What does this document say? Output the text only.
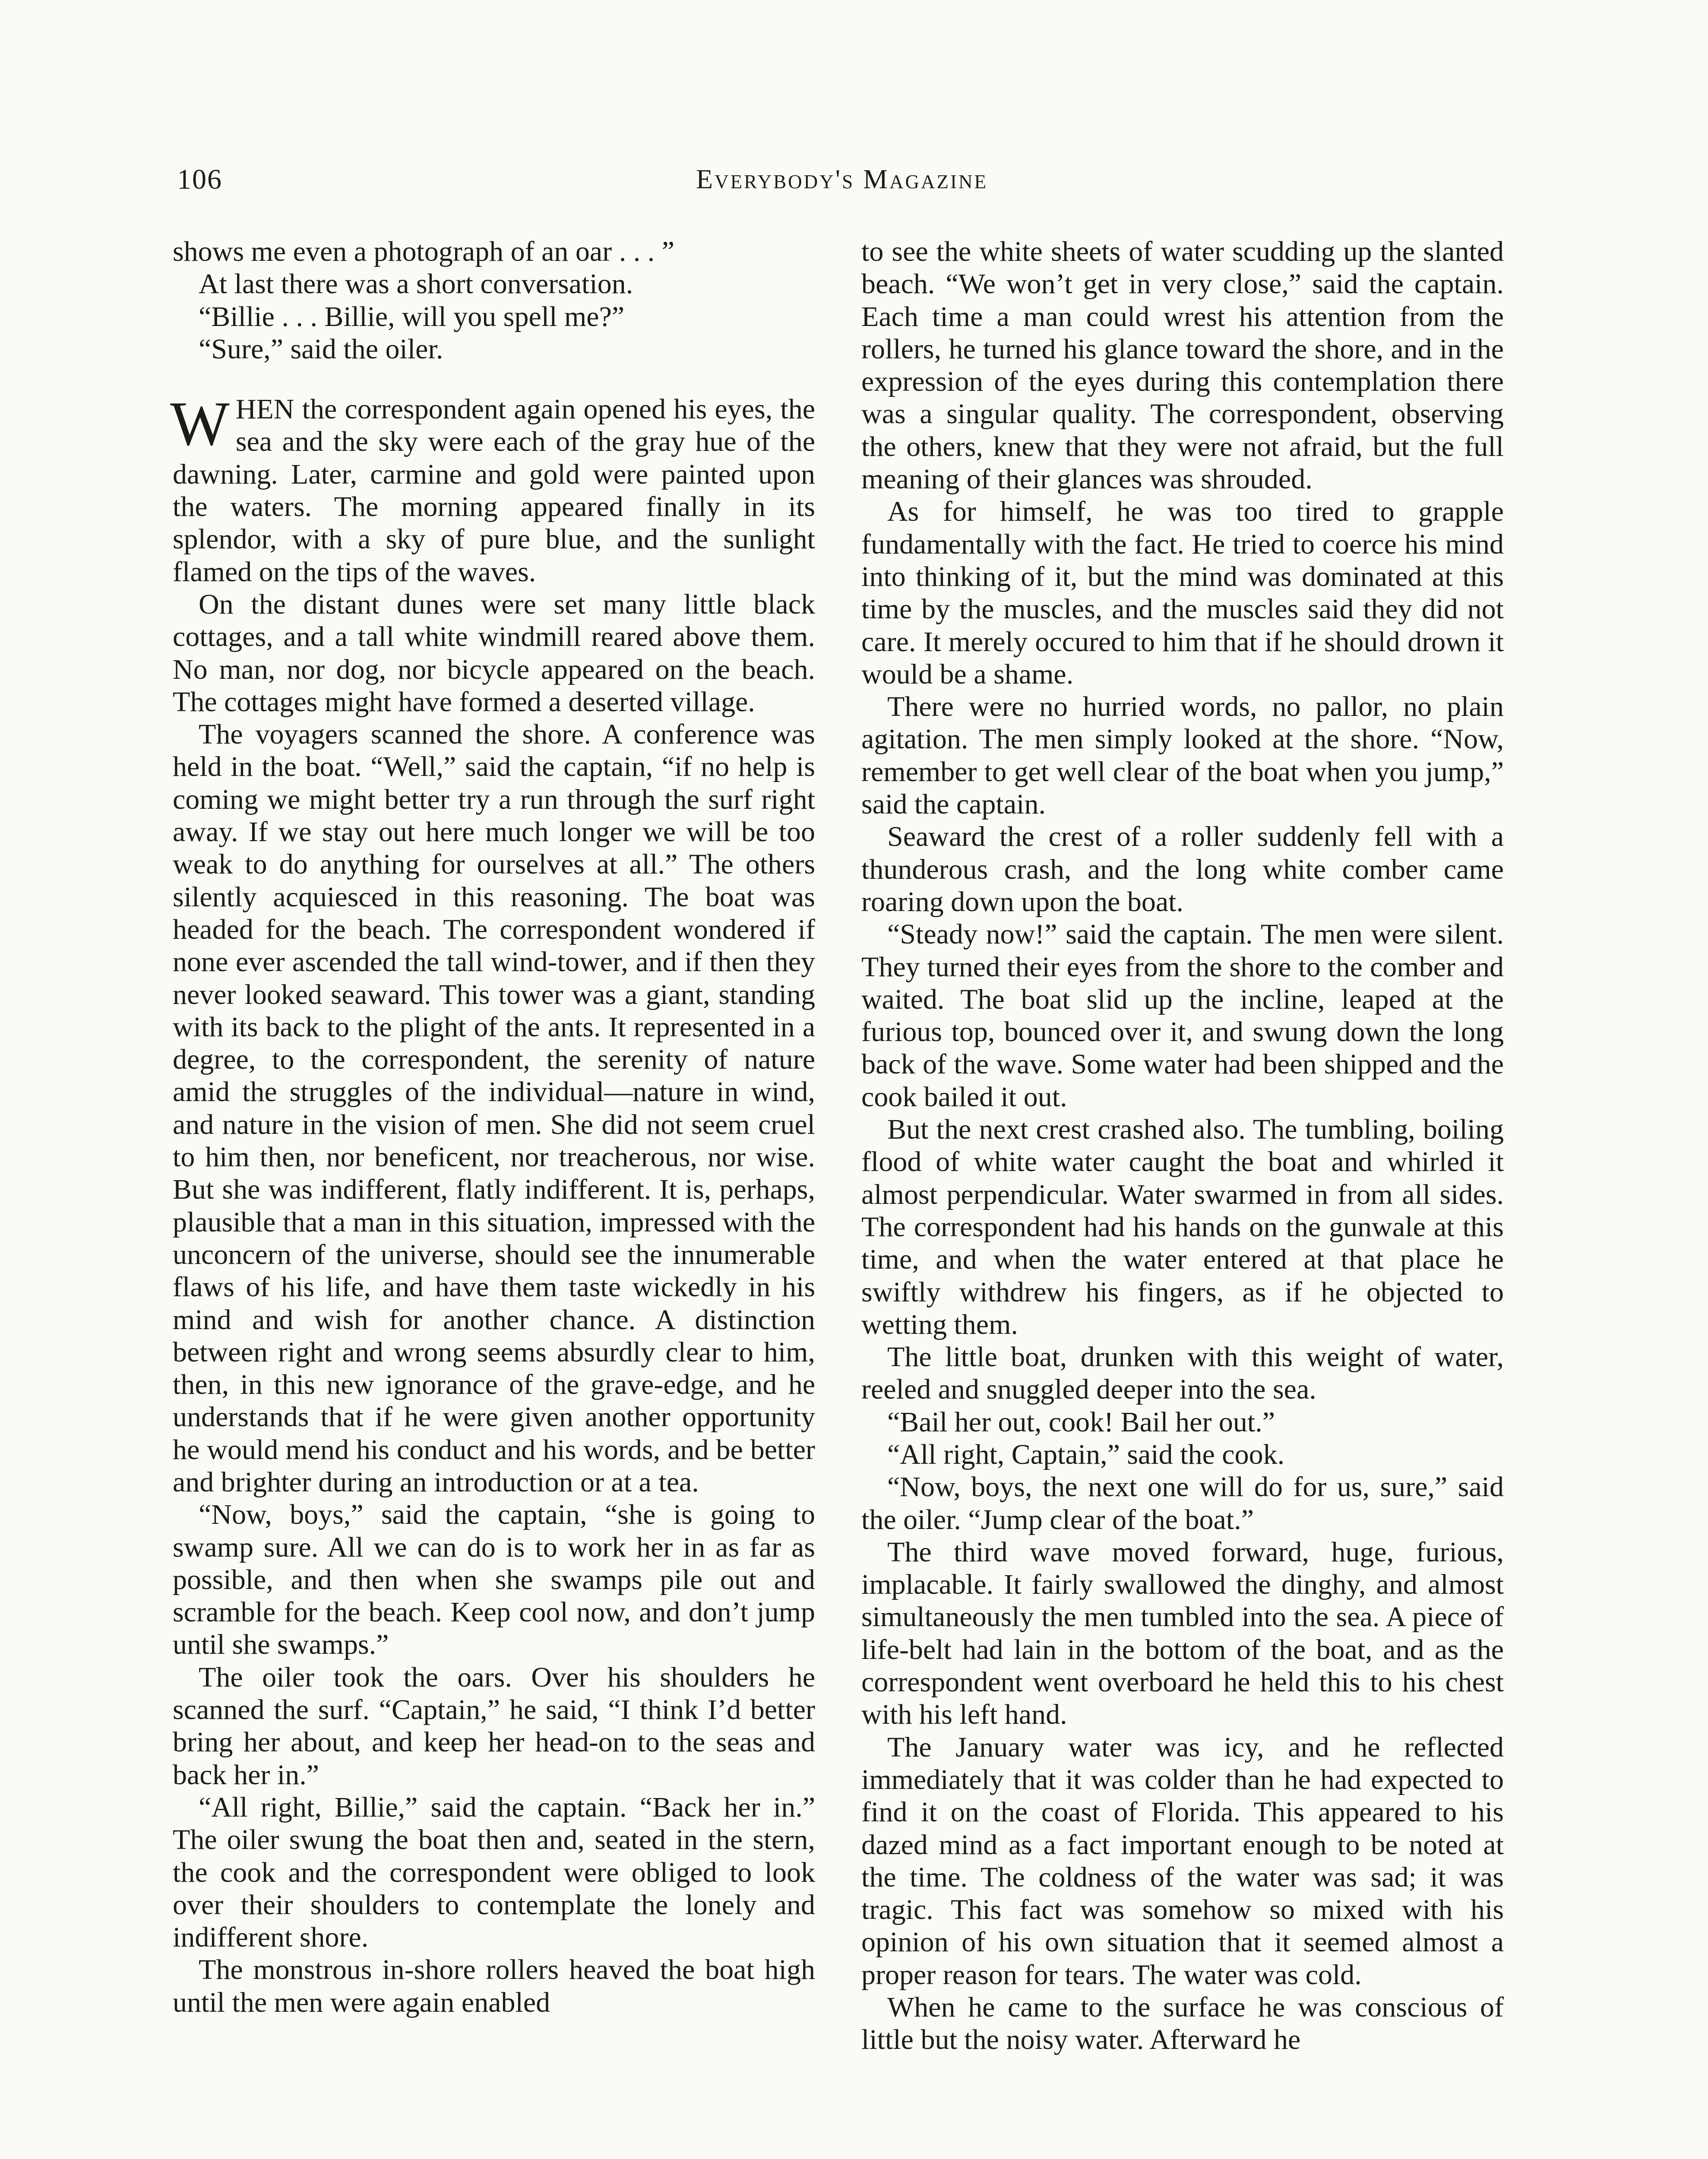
106	Everybody's Magazine

shows me even a photograph of an oar . . . ”

At last there was a short conversation.

“Billie . . . Billie, will you spell me?”

“Sure,” said the oiler.

WHEN the correspondent again opened his eyes, the sea and the sky were each of the gray hue of the dawning. Later, carmine and gold were painted upon the waters. The morning appeared finally in its splendor, with a sky of pure blue, and the sunlight flamed on the tips of the waves.

On the distant dunes were set many little black cottages, and a tall white windmill reared above them. No man, nor dog, nor bicycle appeared on the beach. The cottages might have formed a deserted village.

The voyagers scanned the shore. A conference was held in the boat. “Well,” said the captain, “if no help is coming we might better try a run through the surf right away. If we stay out here much longer we will be too weak to do anything for ourselves at all.” The others silently acquiesced in this reasoning. The boat was headed for the beach. The correspondent wondered if none ever ascended the tall wind-tower, and if then they never looked seaward. This tower was a giant, standing with its back to the plight of the ants. It represented in a degree, to the correspondent, the serenity of nature amid the struggles of the individual—nature in wind, and nature in the vision of men. She did not seem cruel to him then, nor beneficent, nor treacherous, nor wise. But she was indifferent, flatly indifferent. It is, perhaps, plausible that a man in this situation, impressed with the unconcern of the universe, should see the innumerable flaws of his life, and have them taste wickedly in his mind and wish for another chance. A distinction between right and wrong seems absurdly clear to him, then, in this new ignorance of the grave-edge, and he understands that if he were given another opportunity he would mend his conduct and his words, and be better and brighter during an introduction or at a tea.

“Now, boys,” said the captain, “she is going to swamp sure. All we can do is to work her in as far as possible, and then when she swamps pile out and scramble for the beach. Keep cool now, and don’t jump until she swamps.”

The oiler took the oars. Over his shoulders he scanned the surf. “Captain,” he said, “I think I’d better bring her about, and keep her head-on to the seas and back her in.”

“All right, Billie,” said the captain. “Back her in.” The oiler swung the boat then and, seated in the stern, the cook and the correspondent were obliged to look over their shoulders to contemplate the lonely and indifferent shore.

The monstrous in-shore rollers heaved the boat high until the men were again enabled

to see the white sheets of water scudding up the slanted beach. “We won’t get in very close,” said the captain. Each time a man could wrest his attention from the rollers, he turned his glance toward the shore, and in the expression of the eyes during this contemplation there was a singular quality. The correspondent, observing the others, knew that they were not afraid, but the full meaning of their glances was shrouded.

As for himself, he was too tired to grapple fundamentally with the fact. He tried to coerce his mind into thinking of it, but the mind was dominated at this time by the muscles, and the muscles said they did not care. It merely occured to him that if he should drown it would be a shame.

There were no hurried words, no pallor, no plain agitation. The men simply looked at the shore. “Now, remember to get well clear of the boat when you jump,” said the captain.

Seaward the crest of a roller suddenly fell with a thunderous crash, and the long white comber came roaring down upon the boat.

“Steady now!” said the captain. The men were silent. They turned their eyes from the shore to the comber and waited. The boat slid up the incline, leaped at the furious top, bounced over it, and swung down the long back of the wave. Some water had been shipped and the cook bailed it out.

But the next crest crashed also. The tumbling, boiling flood of white water caught the boat and whirled it almost perpendicular. Water swarmed in from all sides. The correspondent had his hands on the gunwale at this time, and when the water entered at that place he swiftly withdrew his fingers, as if he objected to wetting them.

The little boat, drunken with this weight of water, reeled and snuggled deeper into the sea.

“Bail her out, cook! Bail her out.”

“All right, Captain,” said the cook.

“Now, boys, the next one will do for us, sure,” said the oiler. “Jump clear of the boat.”

The third wave moved forward, huge, furious, implacable. It fairly swallowed the dinghy, and almost simultaneously the men tumbled into the sea. A piece of life-belt had lain in the bottom of the boat, and as the correspondent went overboard he held this to his chest with his left hand.

The January water was icy, and he reflected immediately that it was colder than he had expected to find it on the coast of Florida. This appeared to his dazed mind as a fact important enough to be noted at the time. The coldness of the water was sad; it was tragic. This fact was somehow so mixed with his opinion of his own situation that it seemed almost a proper reason for tears. The water was cold.

When he came to the surface he was conscious of little but the noisy water. Afterward he
